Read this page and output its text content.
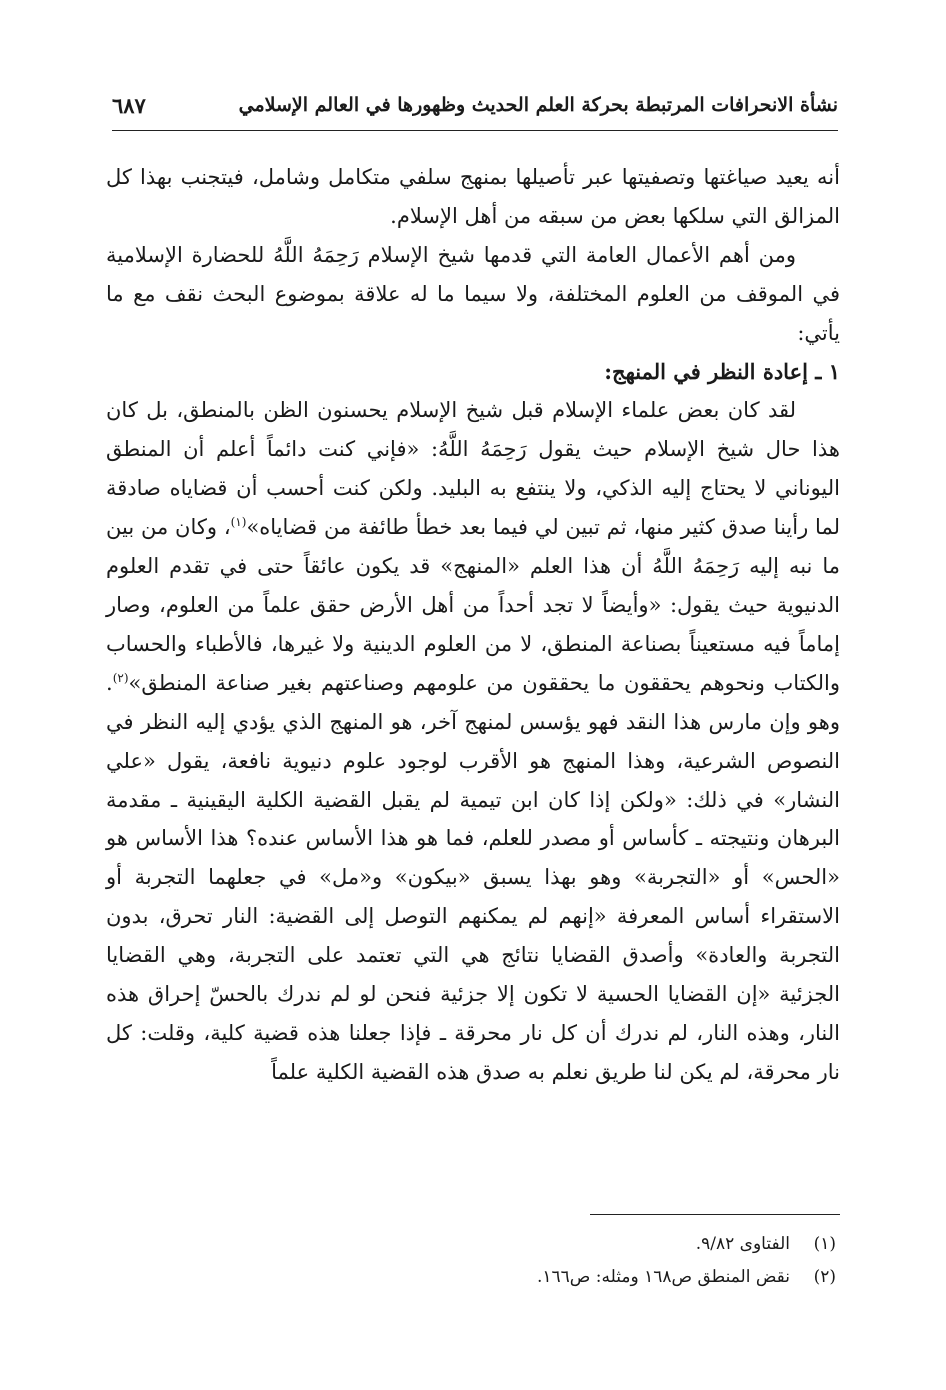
نشأة الانحرافات المرتبطة بحركة العلم الحديث وظهورها في العالم الإسلامي
٦٨٧

أنه يعيد صياغتها وتصفيتها عبر تأصيلها بمنهج سلفي متكامل وشامل، فيتجنب بهذا كل المزالق التي سلكها بعض من سبقه من أهل الإسلام.

ومن أهم الأعمال العامة التي قدمها شيخ الإسلام رَحِمَهُ اللَّهُ للحضارة الإسلامية في الموقف من العلوم المختلفة، ولا سيما ما له علاقة بموضوع البحث نقف مع ما يأتي:

١ ـ إعادة النظر في المنهج:

لقد كان بعض علماء الإسلام قبل شيخ الإسلام يحسنون الظن بالمنطق، بل كان هذا حال شيخ الإسلام حيث يقول رَحِمَهُ اللَّهُ: «فإني كنت دائماً أعلم أن المنطق اليوناني لا يحتاج إليه الذكي، ولا ينتفع به البليد. ولكن كنت أحسب أن قضاياه صادقة لما رأينا صدق كثير منها، ثم تبين لي فيما بعد خطأ طائفة من قضاياه»$^{(١)}$، وكان من بين ما نبه إليه رَحِمَهُ اللَّهُ أن هذا العلم «المنهج» قد يكون عائقاً حتى في تقدم العلوم الدنيوية حيث يقول: «وأيضاً لا تجد أحداً من أهل الأرض حقق علماً من العلوم، وصار إماماً فيه مستعيناً بصناعة المنطق، لا من العلوم الدينية ولا غيرها، فالأطباء والحساب والكتاب ونحوهم يحققون ما يحققون من علومهم وصناعتهم بغير صناعة المنطق»$^{(٢)}$. وهو وإن مارس هذا النقد فهو يؤسس لمنهج آخر، هو المنهج الذي يؤدي إليه النظر في النصوص الشرعية، وهذا المنهج هو الأقرب لوجود علوم دنيوية نافعة، يقول «علي النشار» في ذلك: «ولكن إذا كان ابن تيمية لم يقبل القضية الكلية اليقينية ـ مقدمة البرهان ونتيجته ـ كأساس أو مصدر للعلم، فما هو هذا الأساس عنده؟ هذا الأساس هو «الحس» أو «التجربة» وهو بهذا يسبق «بيكون» و«مل» في جعلهما التجربة أو الاستقراء أساس المعرفة «إنهم لم يمكنهم التوصل إلى القضية: النار تحرق، بدون التجربة والعادة» وأصدق القضايا نتائج هي التي تعتمد على التجربة، وهي القضايا الجزئية «إن القضايا الحسية لا تكون إلا جزئية فنحن لو لم ندرك بالحسّ إحراق هذه النار، وهذه النار، لم ندرك أن كل نار محرقة ـ فإذا جعلنا هذه قضية كلية، وقلت: كل نار محرقة، لم يكن لنا طريق نعلم به صدق هذه القضية الكلية علماً

(١)
الفتاوى ٩/٨٢.
(٢)
نقض المنطق ص١٦٨ ومثله: ص١٦٦.
